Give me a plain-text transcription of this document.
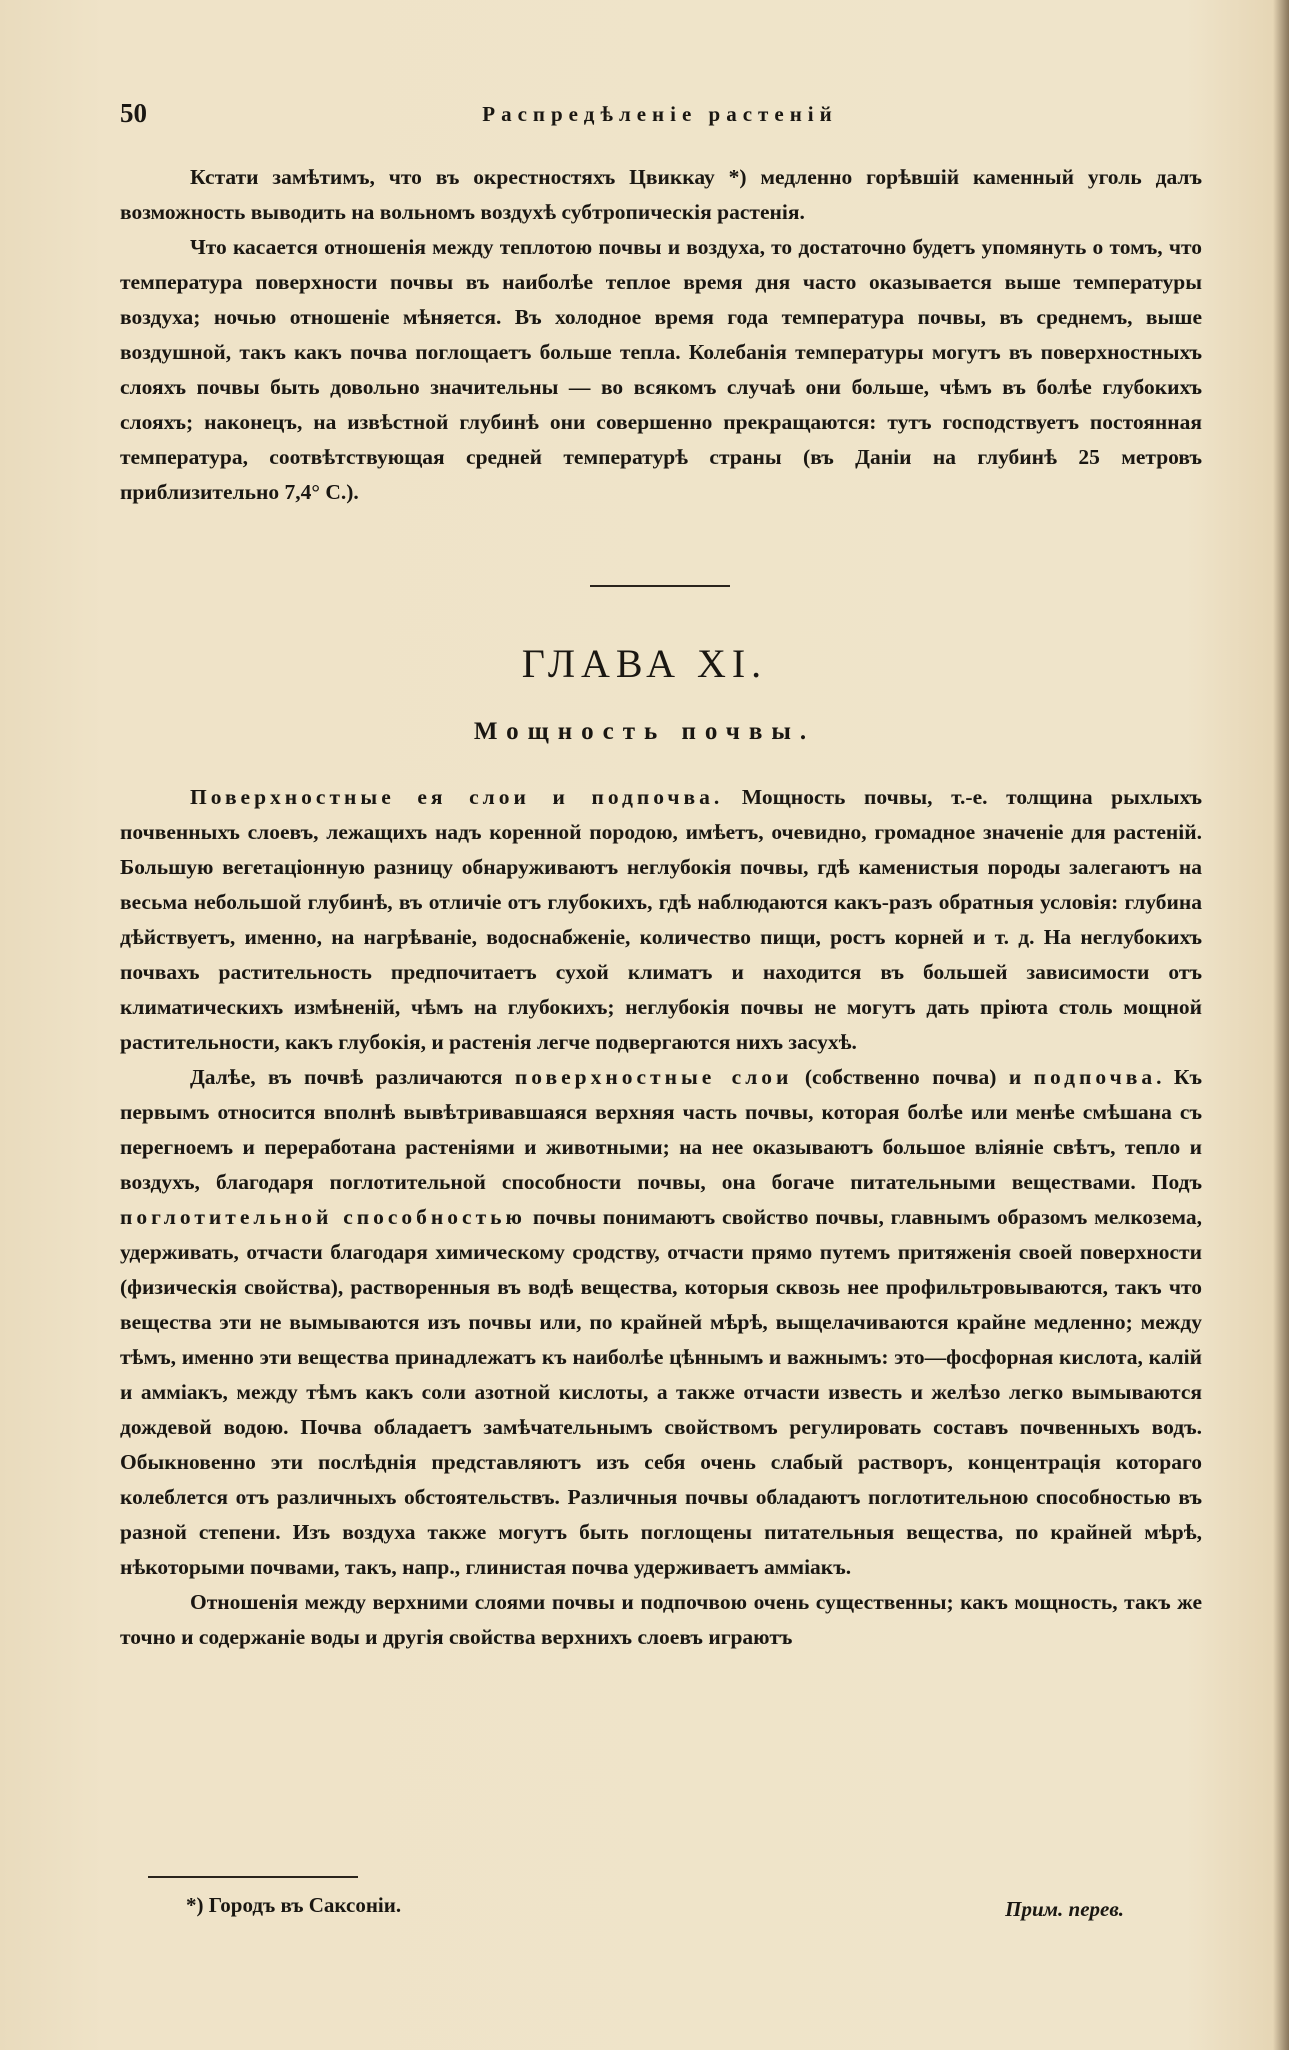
50	Распредѣленіе растеній

Кстати замѣтимъ, что въ окрестностяхъ Цвиккау *) медленно горѣвшій каменный уголь далъ возможность выводить на вольномъ воздухѣ субтропическія растенія.

Что касается отношенія между теплотою почвы и воздуха, то достаточно будетъ упомянуть о томъ, что температура поверхности почвы въ наиболѣе теплое время дня часто оказывается выше температуры воздуха; ночью отношеніе мѣняется. Въ холодное время года температура почвы, въ среднемъ, выше воздушной, такъ какъ почва поглощаетъ больше тепла. Колебанія температуры могутъ въ поверхностныхъ слояхъ почвы быть довольно значительны — во всякомъ случаѣ они больше, чѣмъ въ болѣе глубокихъ слояхъ; наконецъ, на извѣстной глубинѣ они совершенно прекращаются: тутъ господствуетъ постоянная температура, соотвѣтствующая средней температурѣ страны (въ Даніи на глубинѣ 25 метровъ приблизительно 7,4° С.).

ГЛАВА XI.
Мощность почвы.

Поверхностные ея слои и подпочва. Мощность почвы, т.-е. толщина рыхлыхъ почвенныхъ слоевъ, лежащихъ надъ коренной породою, имѣетъ, очевидно, громадное значеніе для растеній. Большую вегетаціонную разницу обнаруживаютъ неглубокія почвы, гдѣ каменистыя породы залегаютъ на весьма небольшой глубинѣ, въ отличіе отъ глубокихъ, гдѣ наблюдаются какъ-разъ обратныя условія: глубина дѣйствуетъ, именно, на нагрѣваніе, водоснабженіе, количество пищи, ростъ корней и т. д. На неглубокихъ почвахъ растительность предпочитаетъ сухой климатъ и находится въ большей зависимости отъ климатическихъ измѣненій, чѣмъ на глубокихъ; неглубокія почвы не могутъ дать пріюта столь мощной растительности, какъ глубокія, и растенія легче подвергаются нихъ засухѣ.

Далѣе, въ почвѣ различаются поверхностные слои (собственно почва) и подпочва. Къ первымъ относится вполнѣ вывѣтривавшаяся верхняя часть почвы, которая болѣе или менѣе смѣшана съ перегноемъ и переработана растеніями и животными; на нее оказываютъ большое вліяніе свѣтъ, тепло и воздухъ, благодаря поглотительной способности почвы, она богаче питательными веществами. Подъ поглотительной способностью почвы понимаютъ свойство почвы, главнымъ образомъ мелкозема, удерживать, отчасти благодаря химическому сродству, отчасти прямо путемъ притяженія своей поверхности (физическія свойства), растворенныя въ водѣ вещества, которыя сквозь нее профильтровываются, такъ что вещества эти не вымываются изъ почвы или, по крайней мѣрѣ, выщелачиваются крайне медленно; между тѣмъ, именно эти вещества принадлежатъ къ наиболѣе цѣннымъ и важнымъ: это—фосфорная кислота, калій и амміакъ, между тѣмъ какъ соли азотной кислоты, а также отчасти известь и желѣзо легко вымываются дождевой водою. Почва обладаетъ замѣчательнымъ свойствомъ регулировать составъ почвенныхъ водъ. Обыкновенно эти послѣднія представляютъ изъ себя очень слабый растворъ, концентрація котораго колеблется отъ различныхъ обстоятельствъ. Различныя почвы обладаютъ поглотительною способностью въ разной степени. Изъ воздуха также могутъ быть поглощены питательныя вещества, по крайней мѣрѣ, нѣкоторыми почвами, такъ, напр., глинистая почва удерживаетъ амміакъ.

Отношенія между верхними слоями почвы и подпочвою очень существенны; какъ мощность, такъ же точно и содержаніе воды и другія свойства верхнихъ слоевъ играютъ

*) Городъ въ Саксоніи.	Прим. перев.
